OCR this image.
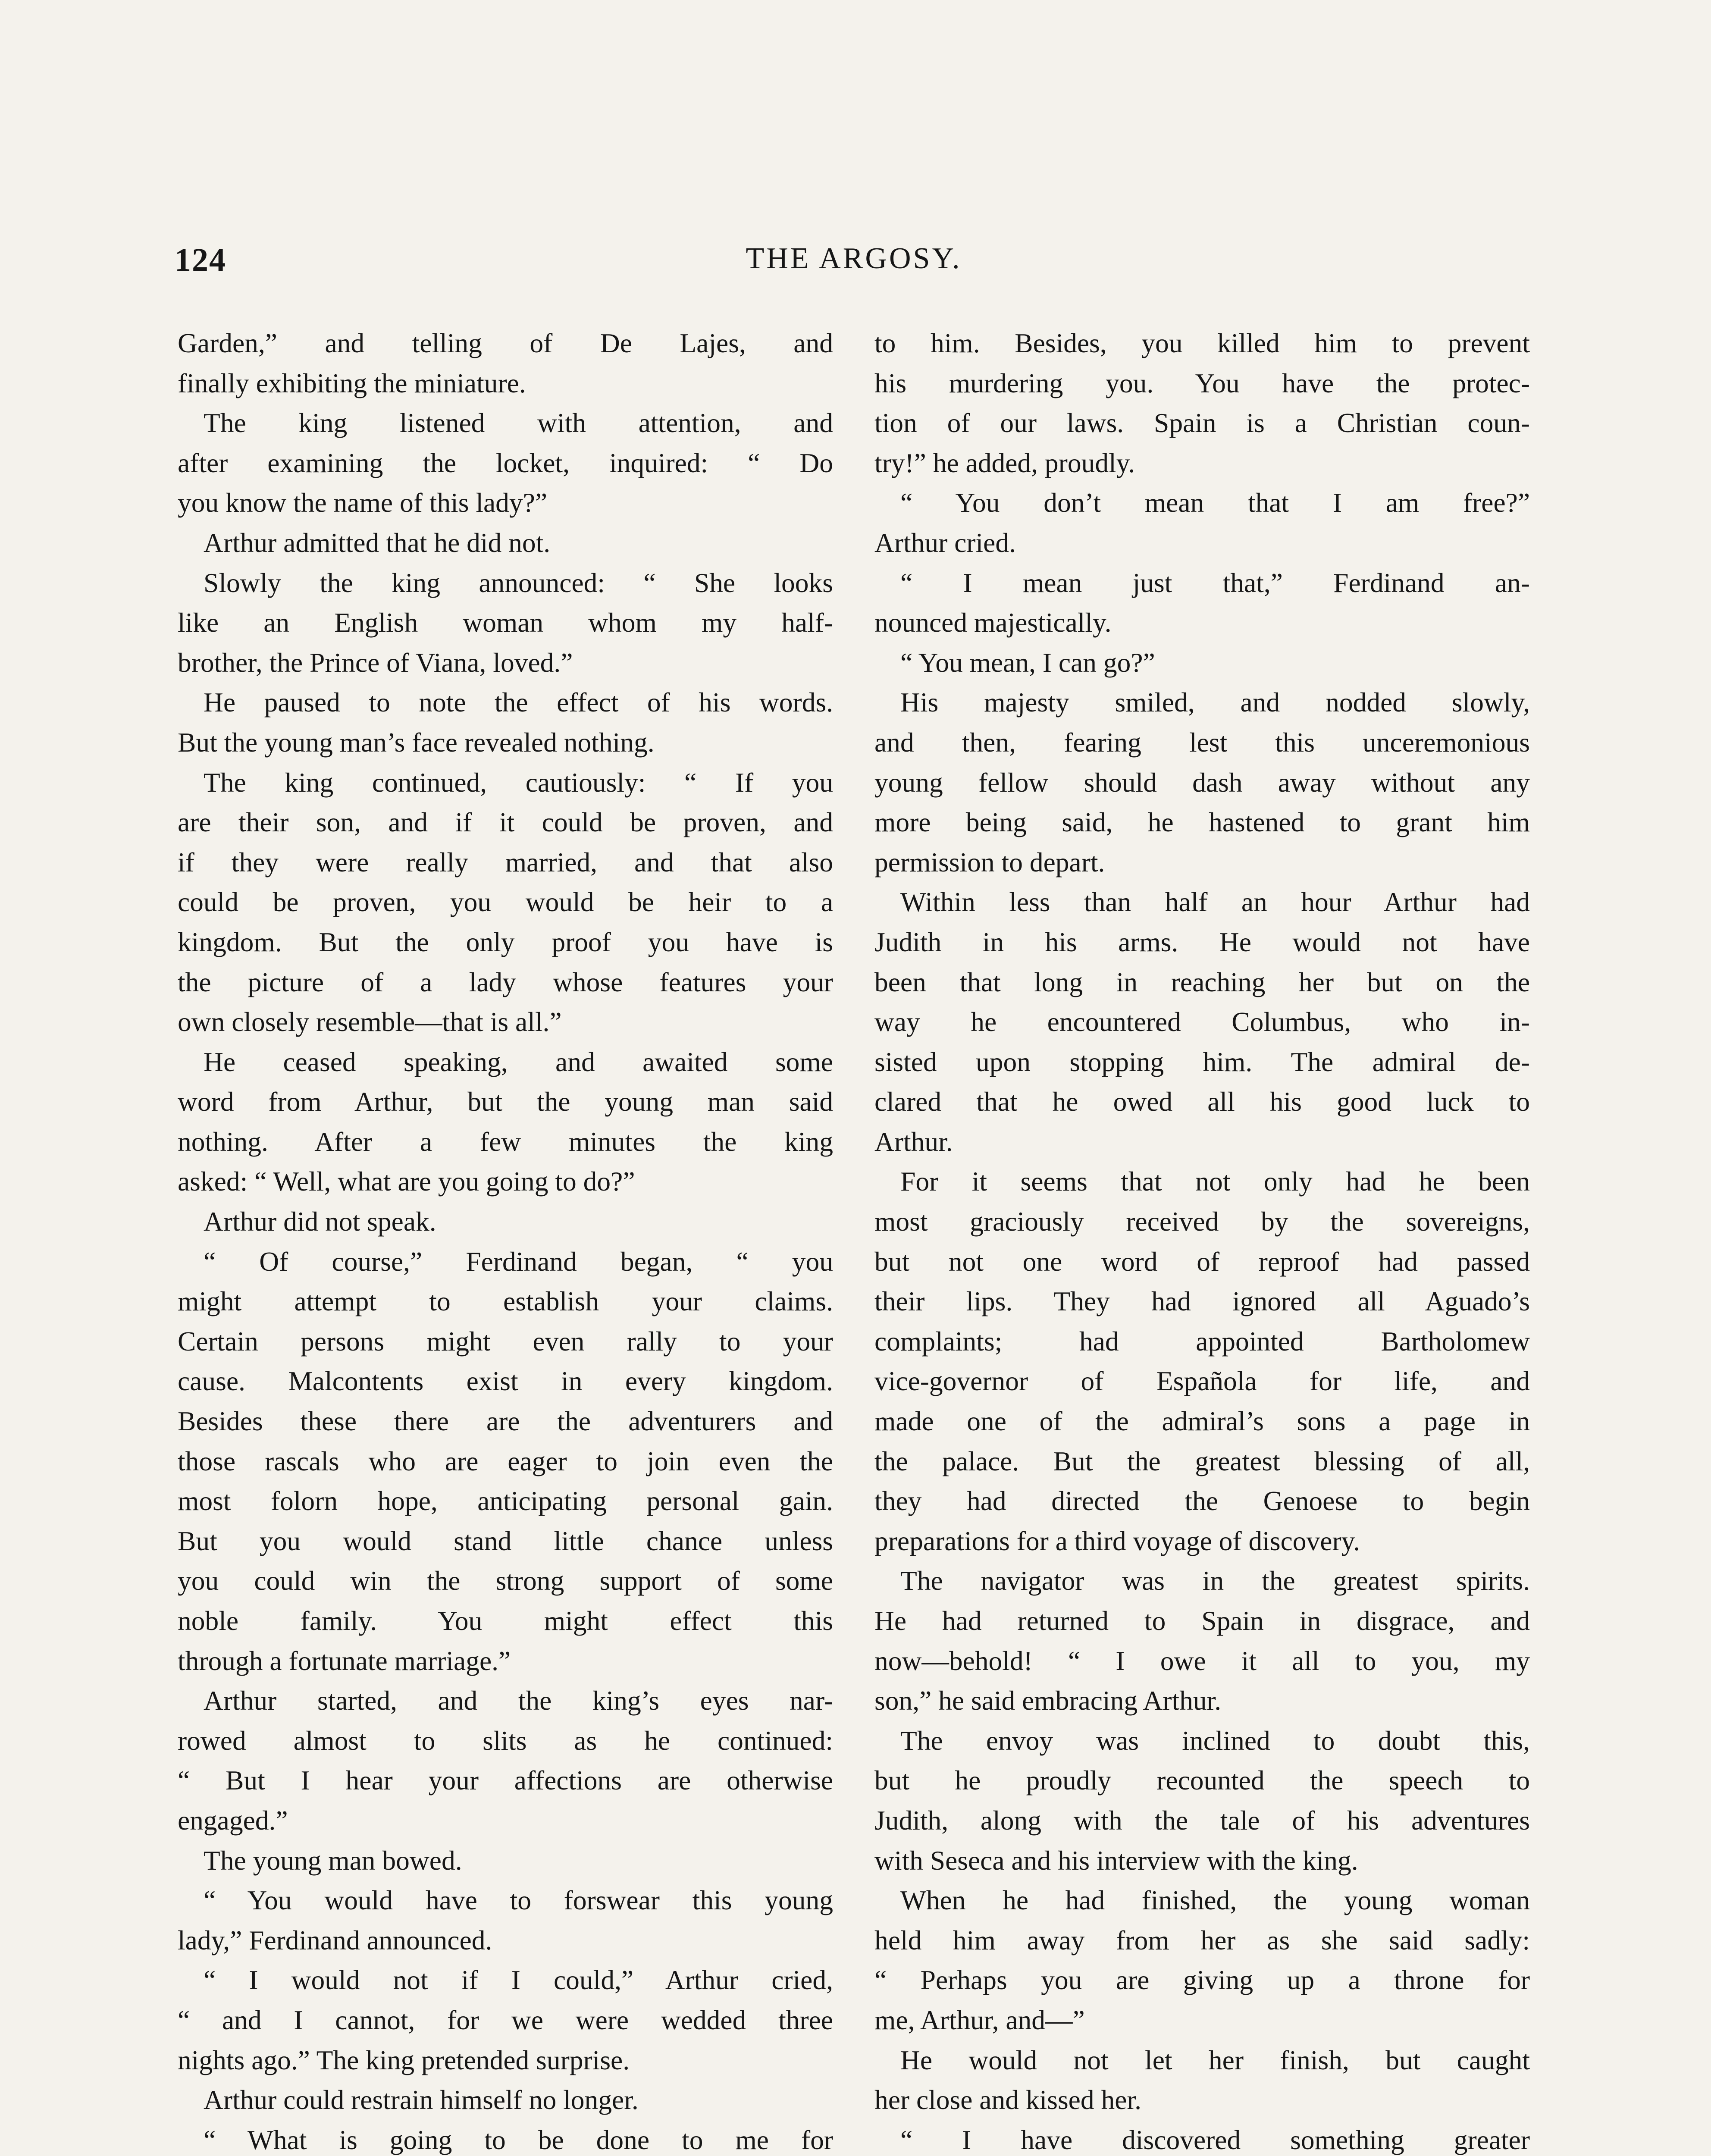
124	THE ARGOSY.
Garden,” and telling of De Lajes, and
finally exhibiting the miniature.
The king listened with attention, and
after examining the locket, inquired: “ Do
you know the name of this lady?”
Arthur admitted that he did not.
Slowly the king announced: “ She looks
like an English woman whom my half-
brother, the Prince of Viana, loved.”
He paused to note the effect of his words.
But the young man’s face revealed nothing.
The king continued, cautiously: “ If you
are their son, and if it could be proven, and
if they were really married, and that also
could be proven, you would be heir to a
kingdom. But the only proof you have is
the picture of a lady whose features your
own closely resemble—that is all.”
He ceased speaking, and awaited some
word from Arthur, but the young man said
nothing. After a few minutes the king
asked: “ Well, what are you going to do?”
Arthur did not speak.
“ Of course,” Ferdinand began, “ you
might attempt to establish your claims.
Certain persons might even rally to your
cause. Malcontents exist in every kingdom.
Besides these there are the adventurers and
those rascals who are eager to join even the
most folorn hope, anticipating personal gain.
But you would stand little chance unless
you could win the strong support of some
noble family. You might effect this
through a fortunate marriage.”
Arthur started, and the king’s eyes nar-
rowed almost to slits as he continued:
“ But I hear your affections are otherwise
engaged.”
The young man bowed.
“ You would have to forswear this young
lady,” Ferdinand announced.
“ I would not if I could,” Arthur cried,
“ and I cannot, for we were wedded three
nights ago.” The king pretended surprise.
Arthur could restrain himself no longer.
“ What is going to be done to me for
to him. Besides, you killed him to prevent
his murdering you. You have the protec-
tion of our laws. Spain is a Christian coun-
try!” he added, proudly.
“ You don’t mean that I am free?”
Arthur cried.
“ I mean just that,” Ferdinand an-
nounced majestically.
“ You mean, I can go?”
His majesty smiled, and nodded slowly,
and then, fearing lest this unceremonious
young fellow should dash away without any
more being said, he hastened to grant him
permission to depart.
Within less than half an hour Arthur had
Judith in his arms. He would not have
been that long in reaching her but on the
way he encountered Columbus, who in-
sisted upon stopping him. The admiral de-
clared that he owed all his good luck to
Arthur.
For it seems that not only had he been
most graciously received by the sovereigns,
but not one word of reproof had passed
their lips. They had ignored all Aguado’s
complaints; had appointed Bartholomew
vice-governor of Española for life, and
made one of the admiral’s sons a page in
the palace. But the greatest blessing of all,
they had directed the Genoese to begin
preparations for a third voyage of discovery.
The navigator was in the greatest spirits.
He had returned to Spain in disgrace, and
now—behold! “ I owe it all to you, my
son,” he said embracing Arthur.
The envoy was inclined to doubt this,
but he proudly recounted the speech to
Judith, along with the tale of his adventures
with Seseca and his interview with the king.
When he had finished, the young woman
held him away from her as she said sadly:
“ Perhaps you are giving up a throne for
me, Arthur, and—”
He would not let her finish, but caught
her close and kissed her.
“ I have discovered something greater
